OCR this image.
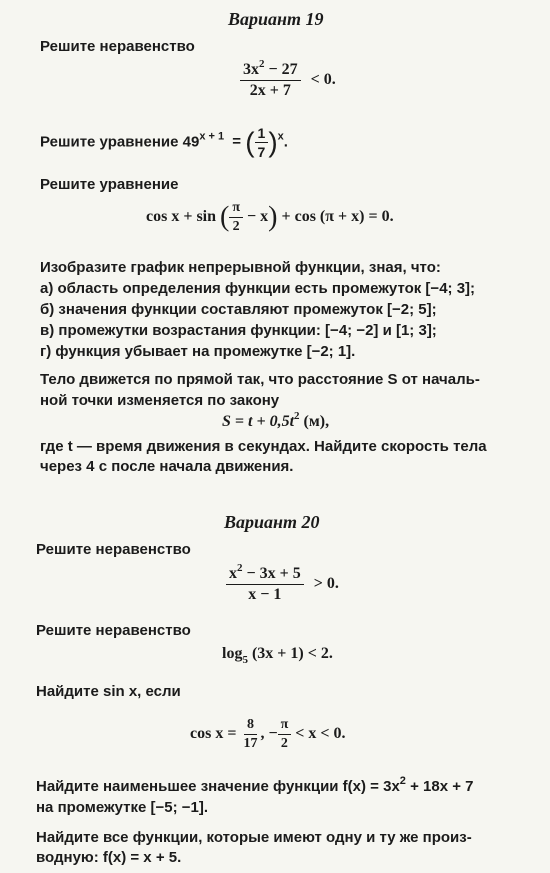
Вариант 19
Решите неравенство
$\frac{3x^2 - 27}{2x + 7} < 0$.
Решите уравнение $49^{x + 1}$ = ( $\frac{1}{7} )^x$.
Решите уравнение
cos x + sin ( $\frac{\pi}{2} - x) + \cos (\pi + x) = 0$.

Изобразите график непрерывной функции, зная, что:

а) область определения функции есть промежуток [−4; 3];

б) значения функции составляют промежуток [−2; 5];

в) промежутки возрастания функции: [−4; −2] и [1; 3];

г) функция убывает на промежутке [−2; 1].

Тело движется по прямой так, что расстояние S от началь-
ной точки изменяется по закону
$S = t + 0,5t^2$ (м),
где t — время движения в секундах. Найдите скорость тела
через 4 с после начала движения.
Вариант 20
Решите неравенство
$\frac{x^2 - 3x + 5}{x - 1} > 0$.
Решите неравенство
$\log_5 (3x + 1) < 2$.
Найдите sin x, если
$\cos x = \frac{8}{17}$ , − $\frac{\pi}{2} < x < 0$.
Найдите наименьшее значение функции $f(x) = 3x^2 + 18x + 7$
на промежутке [−5; −1].
Найдите все функции, которые имеют одну и ту же произ-
водную: f(x) = x + 5.
